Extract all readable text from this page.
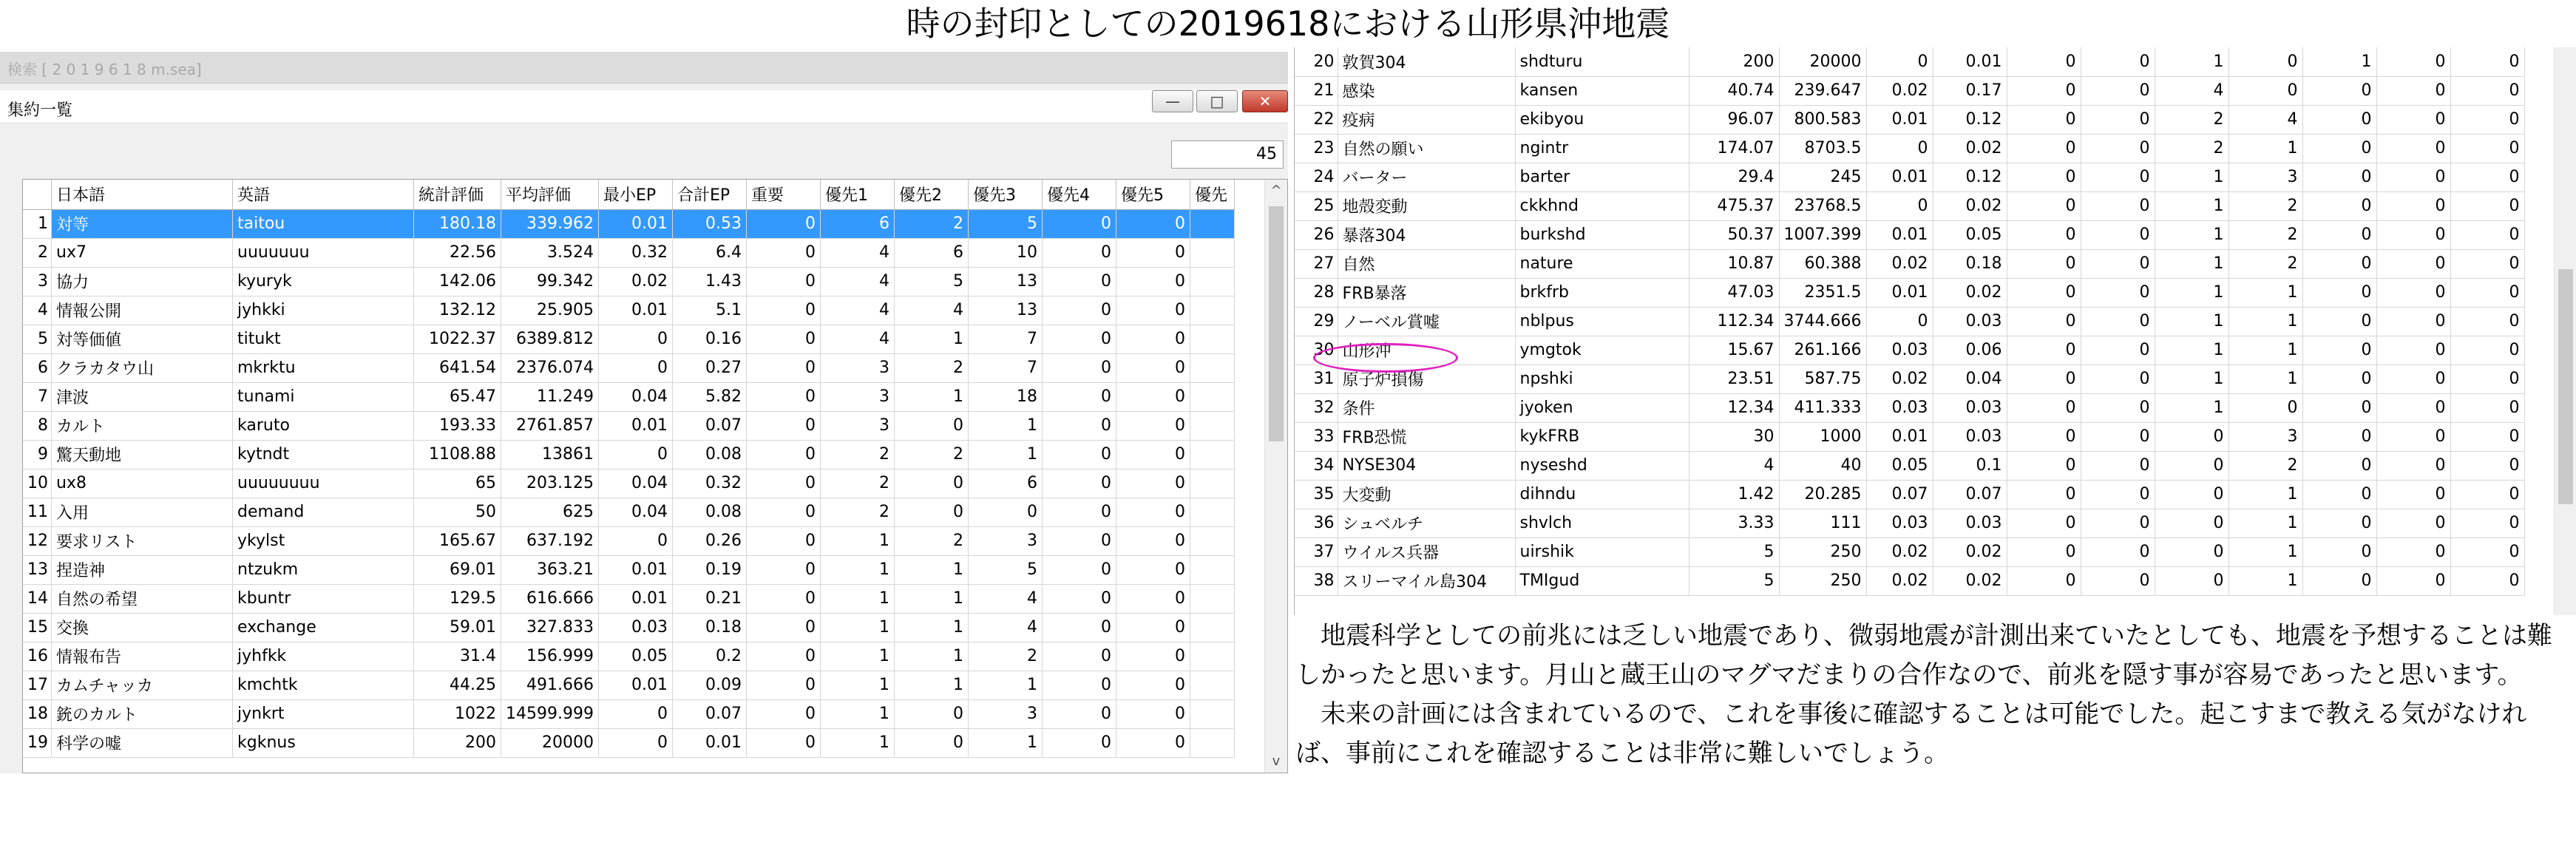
時の封印としての2019618における山形県沖地震
検索 [ 2 0 1 9 6 1 8 m.sea]
集約一覧	— □ ✕
45
	日本語	英語	統計評価	平均評価	最小EP	合計EP	重要	優先1	優先2	優先3	優先4	優先5	優先
1	対等	taitou	180.18	339.962	0.01	0.53	0	6	2	5	0	0	
2	ux7	uuuuuuu	22.56	3.524	0.32	6.4	0	4	6	10	0	0	
3	協力	kyuryk	142.06	99.342	0.02	1.43	0	4	5	13	0	0	
4	情報公開	jyhkki	132.12	25.905	0.01	5.1	0	4	4	13	0	0	
5	対等価値	titukt	1022.37	6389.812	0	0.16	0	4	1	7	0	0	
6	クラカタウ山	mkrktu	641.54	2376.074	0	0.27	0	3	2	7	0	0	
7	津波	tunami	65.47	11.249	0.04	5.82	0	3	1	18	0	0	
8	カルト	karuto	193.33	2761.857	0.01	0.07	0	3	0	1	0	0	
9	驚天動地	kytndt	1108.88	13861	0	0.08	0	2	2	1	0	0	
10	ux8	uuuuuuuu	65	203.125	0.04	0.32	0	2	0	6	0	0	
11	入用	demand	50	625	0.04	0.08	0	2	0	0	0	0	
12	要求リスト	ykylst	165.67	637.192	0	0.26	0	1	2	3	0	0	
13	捏造神	ntzukm	69.01	363.21	0.01	0.19	0	1	1	5	0	0	
14	自然の希望	kbuntr	129.5	616.666	0.01	0.21	0	1	1	4	0	0	
15	交換	exchange	59.01	327.833	0.03	0.18	0	1	1	4	0	0	
16	情報布告	jyhfkk	31.4	156.999	0.05	0.2	0	1	1	2	0	0	
17	カムチャッカ	kmchtk	44.25	491.666	0.01	0.09	0	1	1	1	0	0	
18	銃のカルト	jynkrt	1022	14599.999	0	0.07	0	1	0	3	0	0	
19	科学の嘘	kgknus	200	20000	0	0.01	0	1	0	1	0	0	
^
v
20	敦賀304	shdturu	200	20000	0	0.01	0	0	1	0	1	0	0
21	感染	kansen	40.74	239.647	0.02	0.17	0	0	4	0	0	0	0
22	疫病	ekibyou	96.07	800.583	0.01	0.12	0	0	2	4	0	0	0
23	自然の願い	ngintr	174.07	8703.5	0	0.02	0	0	2	1	0	0	0
24	バーター	barter	29.4	245	0.01	0.12	0	0	1	3	0	0	0
25	地殻変動	ckkhnd	475.37	23768.5	0	0.02	0	0	1	2	0	0	0
26	暴落304	burkshd	50.37	1007.399	0.01	0.05	0	0	1	2	0	0	0
27	自然	nature	10.87	60.388	0.02	0.18	0	0	1	2	0	0	0
28	FRB暴落	brkfrb	47.03	2351.5	0.01	0.02	0	0	1	1	0	0	0
29	ノーベル賞嘘	nblpus	112.34	3744.666	0	0.03	0	0	1	1	0	0	0
30	山形沖	ymgtok	15.67	261.166	0.03	0.06	0	0	1	1	0	0	0
31	原子炉損傷	npshki	23.51	587.75	0.02	0.04	0	0	1	1	0	0	0
32	条件	jyoken	12.34	411.333	0.03	0.03	0	0	1	0	0	0	0
33	FRB恐慌	kykFRB	30	1000	0.01	0.03	0	0	0	3	0	0	0
34	NYSE304	nyseshd	4	40	0.05	0.1	0	0	0	2	0	0	0
35	大変動	dihndu	1.42	20.285	0.07	0.07	0	0	0	1	0	0	0
36	シュベルチ	shvlch	3.33	111	0.03	0.03	0	0	0	1	0	0	0
37	ウイルス兵器	uirshik	5	250	0.02	0.02	0	0	0	1	0	0	0
38	スリーマイル島304	TMIgud	5	250	0.02	0.02	0	0	0	1	0	0	0

地震科学としての前兆には乏しい地震であり、微弱地震が計測出来ていたとしても、地震を予想することは難しかったと思います。月山と蔵王山のマグマだまりの合作なので、前兆を隠す事が容易であったと思います。

未来の計画には含まれているので、これを事後に確認することは可能でした。起こすまで教える気がなければ、事前にこれを確認することは非常に難しいでしょう。
